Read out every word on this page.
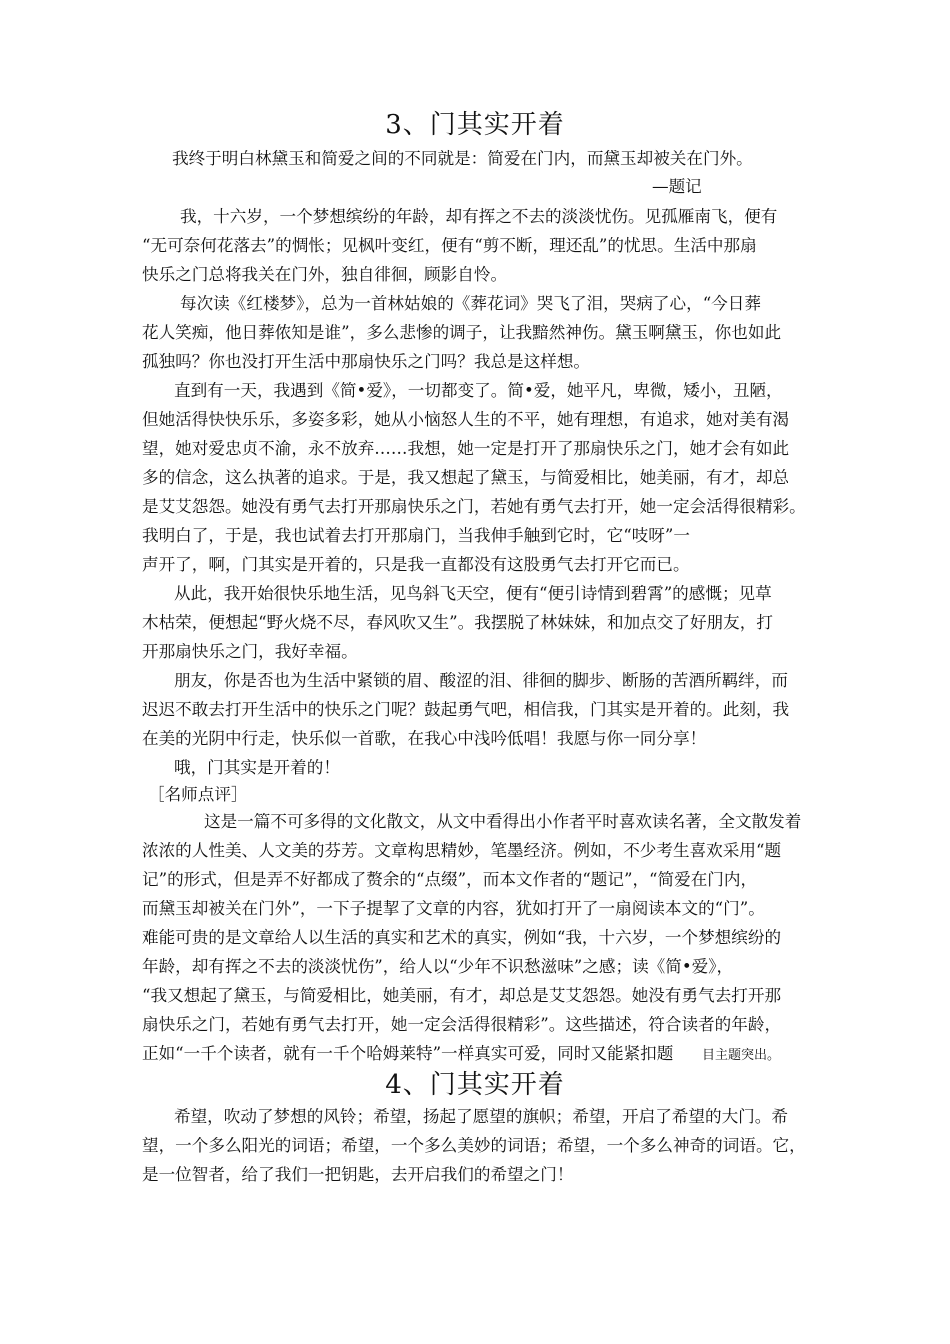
3、门其实开着
我终于明白林黛玉和简爱之间的不同就是：简爱在门内，而黛玉却被关在门外。
—题记
我，十六岁，一个梦想缤纷的年龄，却有挥之不去的淡淡忧伤。见孤雁南飞，便有
“无可奈何花落去”的惆怅；见枫叶变红，便有“剪不断，理还乱”的忧思。生活中那扇
快乐之门总将我关在门外，独自徘徊，顾影自怜。
每次读《红楼梦》，总为一首林姑娘的《葬花词》哭飞了泪，哭病了心，“今日葬
花人笑痴，他日葬侬知是谁”，多么悲惨的调子，让我黯然神伤。黛玉啊黛玉，你也如此
孤独吗？你也没打开生活中那扇快乐之门吗？我总是这样想。
直到有一天，我遇到《简•爱》，一切都变了。简•爱，她平凡，卑微，矮小，丑陋，
但她活得快快乐乐，多姿多彩，她从小恼怒人生的不平，她有理想，有追求，她对美有渴
望，她对爱忠贞不渝，永不放弃……我想，她一定是打开了那扇快乐之门，她才会有如此
多的信念，这么执著的追求。于是，我又想起了黛玉，与简爱相比，她美丽，有才，却总
是艾艾怨怨。她没有勇气去打开那扇快乐之门，若她有勇气去打开，她一定会活得很精彩。
我明白了，于是，我也试着去打开那扇门，当我伸手触到它时，它“吱呀”一
声开了，啊，门其实是开着的，只是我一直都没有这股勇气去打开它而已。
从此，我开始很快乐地生活，见鸟斜飞天空，便有“便引诗情到碧霄”的感慨；见草
木枯荣，便想起“野火烧不尽，春风吹又生”。我摆脱了林妹妹，和加点交了好朋友，打
开那扇快乐之门，我好幸福。
朋友，你是否也为生活中紧锁的眉、酸涩的泪、徘徊的脚步、断肠的苦酒所羁绊，而
迟迟不敢去打开生活中的快乐之门呢？鼓起勇气吧，相信我，门其实是开着的。此刻，我
在美的光阴中行走，快乐似一首歌，在我心中浅吟低唱！我愿与你一同分享！
哦，门其实是开着的！
［名师点评］
这是一篇不可多得的文化散文，从文中看得出小作者平时喜欢读名著，全文散发着
浓浓的人性美、人文美的芬芳。文章构思精妙，笔墨经济。例如，不少考生喜欢采用“题
记”的形式，但是弄不好都成了赘余的“点缀”，而本文作者的“题记”，“简爱在门内，
而黛玉却被关在门外”，一下子提挈了文章的内容，犹如打开了一扇阅读本文的“门”。
难能可贵的是文章给人以生活的真实和艺术的真实，例如“我，十六岁，一个梦想缤纷的
年龄，却有挥之不去的淡淡忧伤”，给人以“少年不识愁滋味”之感；读《简•爱》，
“我又想起了黛玉，与简爱相比，她美丽，有才，却总是艾艾怨怨。她没有勇气去打开那
扇快乐之门，若她有勇气去打开，她一定会活得很精彩”。这些描述，符合读者的年龄，
正如“一千个读者，就有一千个哈姆莱特”一样真实可爱，同时又能紧扣题	目主题突出。
4、门其实开着
希望，吹动了梦想的风铃；希望，扬起了愿望的旗帜；希望，开启了希望的大门。希
望，一个多么阳光的词语；希望，一个多么美妙的词语；希望，一个多么神奇的词语。它，
是一位智者，给了我们一把钥匙，去开启我们的希望之门！
